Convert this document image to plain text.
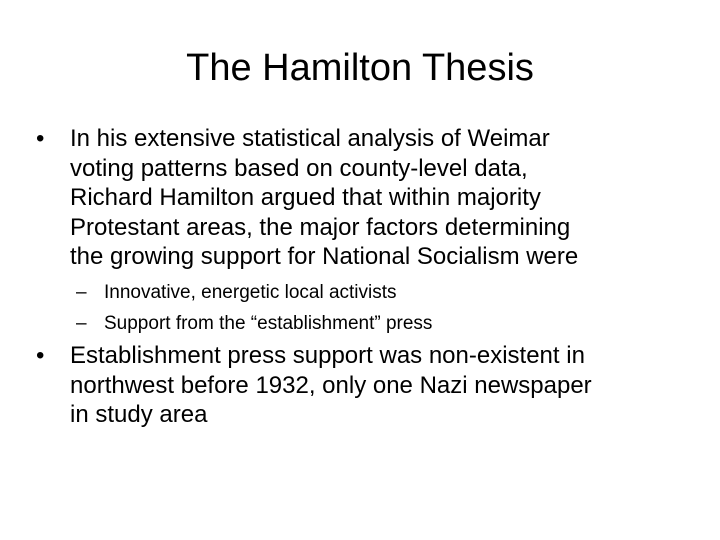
The Hamilton Thesis
•	In his extensive statistical analysis of Weimar
voting patterns based on county-level data,
Richard Hamilton argued that within majority
Protestant areas, the major factors determining
the growing support for National Socialism were
– Innovative, energetic local activists
– Support from the “establishment” press
•	Establishment press support was non-existent in
northwest before 1932, only one Nazi newspaper
in study area
